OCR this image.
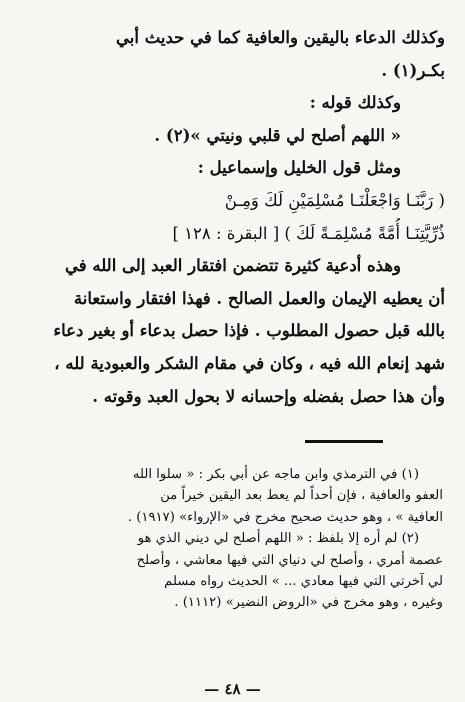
وكذلك الدعاء باليقين والعافية كما في حديث أبي
بكـر(١) .
وكذلك قوله :
« اللهم أصلح لي قلبي ونيتي »(٢) .
ومثل قول الخليل وإسماعيل :
( رَبَّنَـا وَاجْعَلْنَـا مُسْلِمَيْنِ لَكَ وَمِـنْ
ذُرِّيَّتِنَـا أُمَّةً مُسْلِمَـةً لَكَ ) [ البقرة : ١٢٨ ]
وهذه أدعية كثيرة تتضمن افتقار العبد إلى الله في
أن يعطيه الإيمان والعمل الصالح . فهذا افتقار واستعانة
بالله قبل حصول المطلوب . فإذا حصل بدعاء أو بغير دعاء
شهد إنعام الله فيه ، وكان في مقام الشكر والعبودية لله ،
وأن هذا حصل بفضله وإحسانه لا بحول العبد وقوته .
(١) في الترمذي وابن ماجه عن أبي بكر : « سلوا الله
العفو والعافية ، فإن أحداً لم يعط بعد اليقين خيراً من
العافية » ، وهو حديث صحيح مخرج في «الإرواء» (١٩١٧) .
(٢) لم أره إلا بلفظ : « اللهم أصلح لي ديني الذي هو
عصمة أمري ، وأصلح لي دنياي التي فيها معاشي ، وأصلح
لي آخرتي التي فيها معادي ... » الحديث رواه مسلم
وغيره ، وهو مخرج في «الروض النضير» (١١١٢) .
— ٤٨ —
